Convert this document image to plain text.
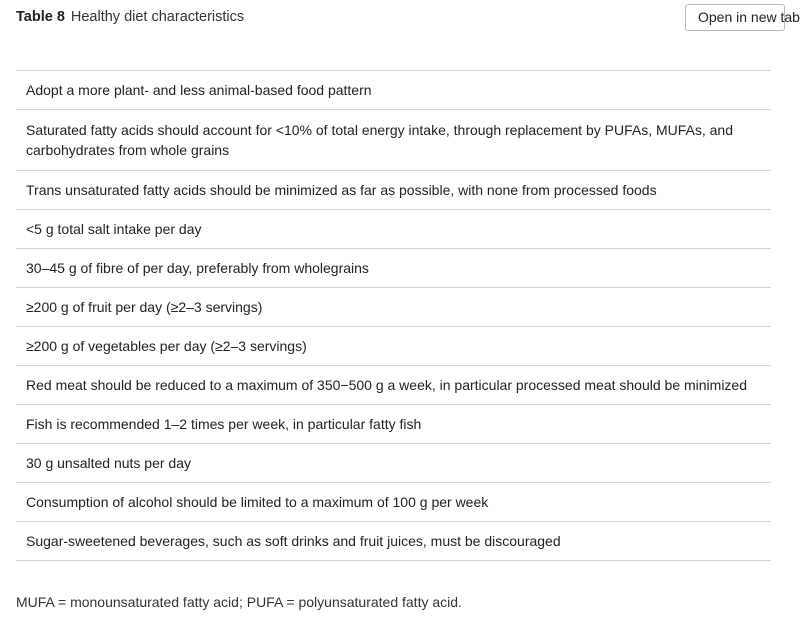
Table 8 Healthy diet characteristics	Open in new tab
Adopt a more plant- and less animal-based food pattern
Saturated fatty acids should account for <10% of total energy intake, through replacement by PUFAs, MUFAs, and carbohydrates from whole grains
Trans unsaturated fatty acids should be minimized as far as possible, with none from processed foods
<5 g total salt intake per day
30–45 g of fibre of per day, preferably from wholegrains
≥200 g of fruit per day (≥2–3 servings)
≥200 g of vegetables per day (≥2–3 servings)
Red meat should be reduced to a maximum of 350−500 g a week, in particular processed meat should be minimized
Fish is recommended 1–2 times per week, in particular fatty fish
30 g unsalted nuts per day
Consumption of alcohol should be limited to a maximum of 100 g per week
Sugar-sweetened beverages, such as soft drinks and fruit juices, must be discouraged
MUFA = monounsaturated fatty acid; PUFA = polyunsaturated fatty acid.
